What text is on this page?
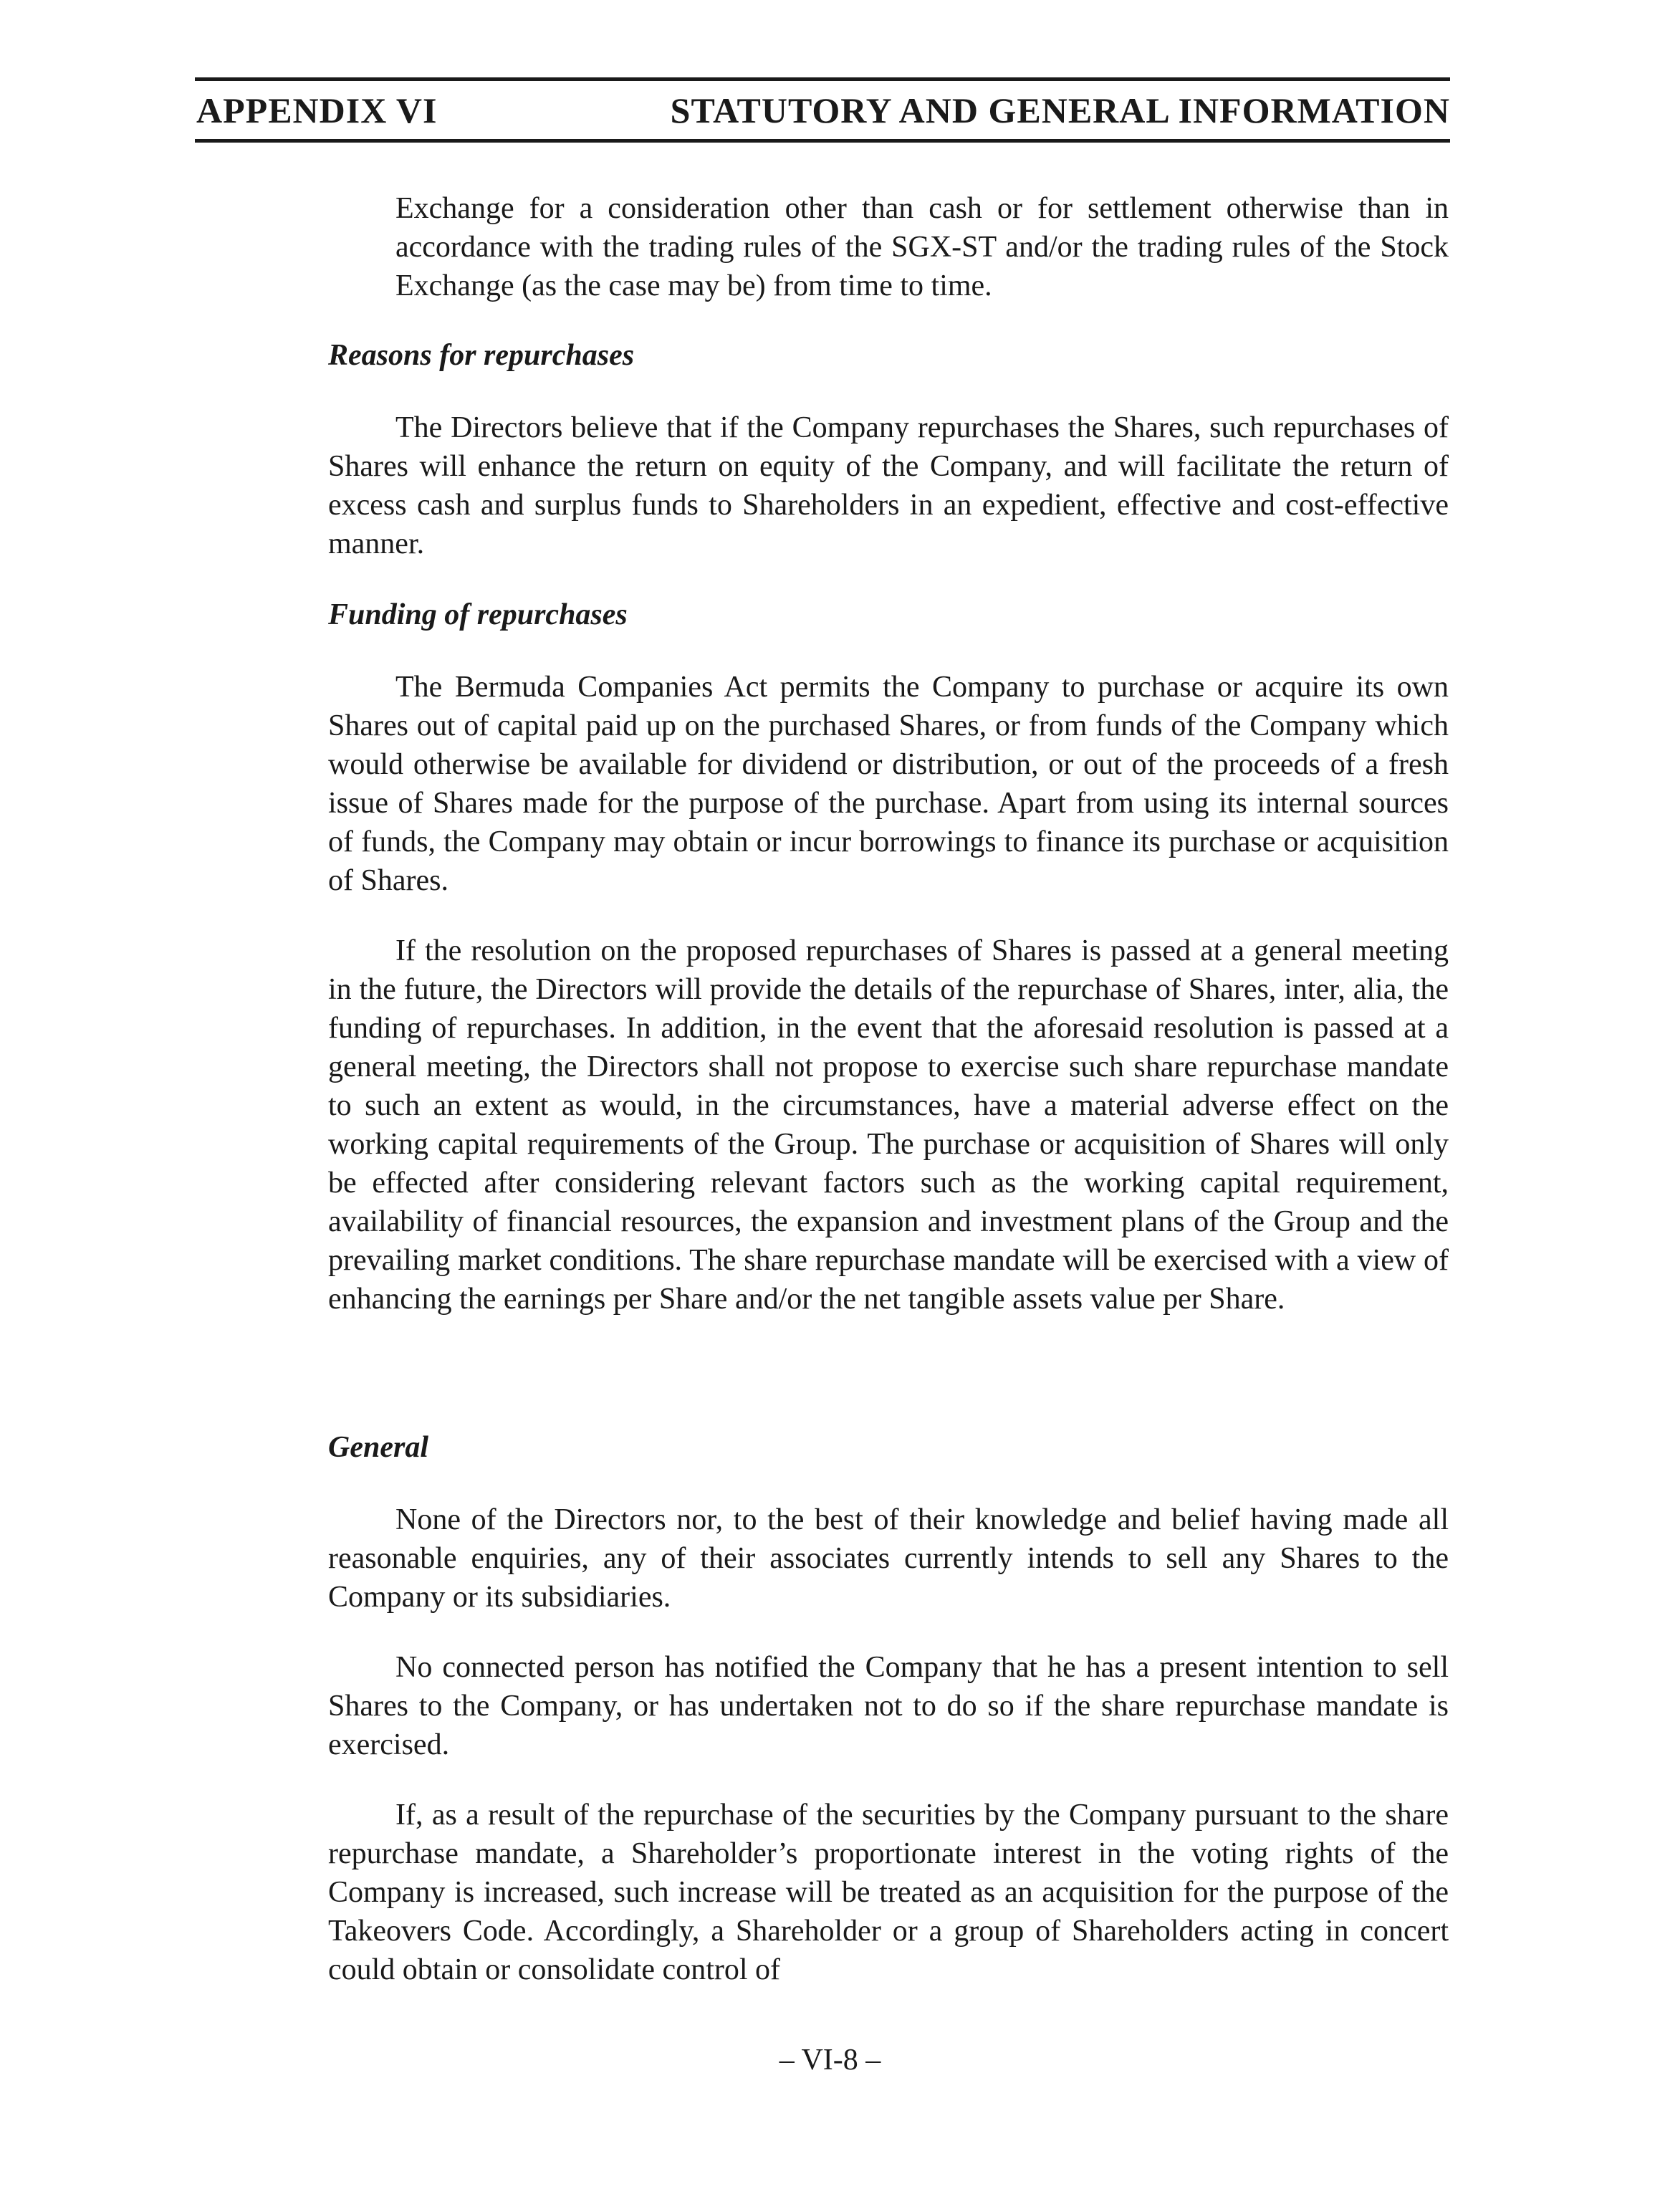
APPENDIX VI	STATUTORY AND GENERAL INFORMATION

Exchange for a consideration other than cash or for settlement otherwise than in accordance with the trading rules of the SGX-ST and/or the trading rules of the Stock Exchange (as the case may be) from time to time.

Reasons for repurchases

The Directors believe that if the Company repurchases the Shares, such repurchases of Shares will enhance the return on equity of the Company, and will facilitate the return of excess cash and surplus funds to Shareholders in an expedient, effective and cost-effective manner.

Funding of repurchases

The Bermuda Companies Act permits the Company to purchase or acquire its own Shares out of capital paid up on the purchased Shares, or from funds of the Company which would otherwise be available for dividend or distribution, or out of the proceeds of a fresh issue of Shares made for the purpose of the purchase. Apart from using its internal sources of funds, the Company may obtain or incur borrowings to finance its purchase or acquisition of Shares.

If the resolution on the proposed repurchases of Shares is passed at a general meeting in the future, the Directors will provide the details of the repurchase of Shares, inter, alia, the funding of repurchases. In addition, in the event that the aforesaid resolution is passed at a general meeting, the Directors shall not propose to exercise such share repurchase mandate to such an extent as would, in the circumstances, have a material adverse effect on the working capital requirements of the Group. The purchase or acquisition of Shares will only be effected after considering relevant factors such as the working capital requirement, availability of financial resources, the expansion and investment plans of the Group and the prevailing market conditions. The share repurchase mandate will be exercised with a view of enhancing the earnings per Share and/or the net tangible assets value per Share.

General

None of the Directors nor, to the best of their knowledge and belief having made all reasonable enquiries, any of their associates currently intends to sell any Shares to the Company or its subsidiaries.

No connected person has notified the Company that he has a present intention to sell Shares to the Company, or has undertaken not to do so if the share repurchase mandate is exercised.

If, as a result of the repurchase of the securities by the Company pursuant to the share repurchase mandate, a Shareholder’s proportionate interest in the voting rights of the Company is increased, such increase will be treated as an acquisition for the purpose of the Takeovers Code. Accordingly, a Shareholder or a group of Shareholders acting in concert could obtain or consolidate control of

– VI-8 –
